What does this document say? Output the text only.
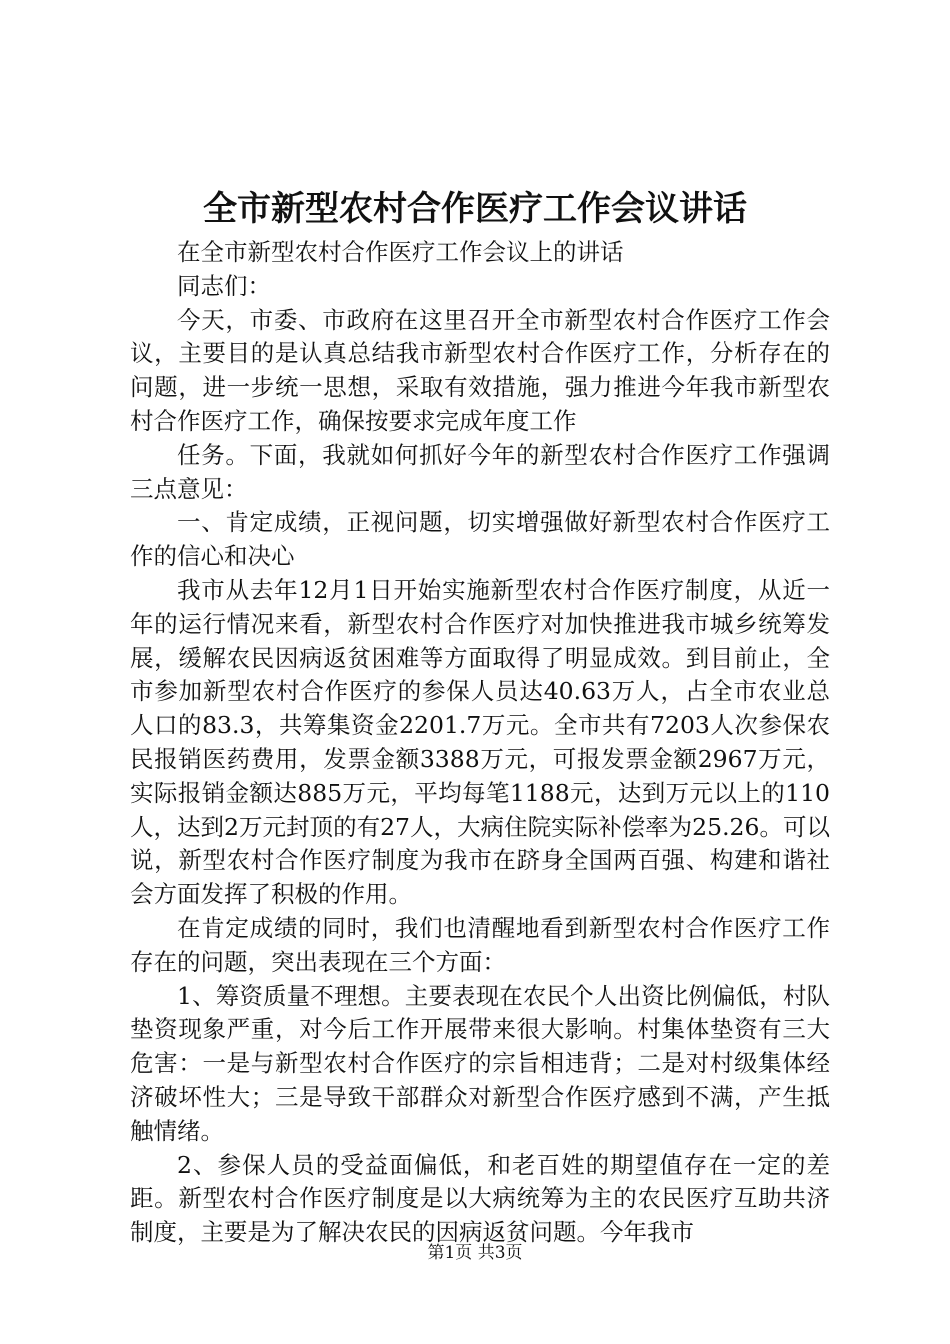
全市新型农村合作医疗工作会议讲话

在全市新型农村合作医疗工作会议上的讲话

同志们：

今天，市委、市政府在这里召开全市新型农村合作医疗工作会议，主要目的是认真总结我市新型农村合作医疗工作，分析存在的问题，进一步统一思想，采取有效措施，强力推进今年我市新型农村合作医疗工作，确保按要求完成年度工作

任务。下面，我就如何抓好今年的新型农村合作医疗工作强调三点意见：

一、肯定成绩，正视问题，切实增强做好新型农村合作医疗工作的信心和决心

我市从去年12月1日开始实施新型农村合作医疗制度，从近一年的运行情况来看，新型农村合作医疗对加快推进我市城乡统筹发展，缓解农民因病返贫困难等方面取得了明显成效。到目前止，全市参加新型农村合作医疗的参保人员达40.63万人，占全市农业总人口的83.3，共筹集资金2201.7万元。全市共有7203人次参保农民报销医药费用，发票金额3388万元，可报发票金额2967万元，实际报销金额达885万元，平均每笔1188元，达到万元以上的110人，达到2万元封顶的有27人，大病住院实际补偿率为25.26。可以说，新型农村合作医疗制度为我市在跻身全国两百强、构建和谐社会方面发挥了积极的作用。

在肯定成绩的同时，我们也清醒地看到新型农村合作医疗工作存在的问题，突出表现在三个方面：

1、筹资质量不理想。主要表现在农民个人出资比例偏低，村队垫资现象严重，对今后工作开展带来很大影响。村集体垫资有三大危害：一是与新型农村合作医疗的宗旨相违背；二是对村级集体经济破坏性大；三是导致干部群众对新型合作医疗感到不满，产生抵触情绪。

2、参保人员的受益面偏低，和老百姓的期望值存在一定的差距。新型农村合作医疗制度是以大病统筹为主的农民医疗互助共济制度，主要是为了解决农民的因病返贫问题。今年我市

第1页 共3页
